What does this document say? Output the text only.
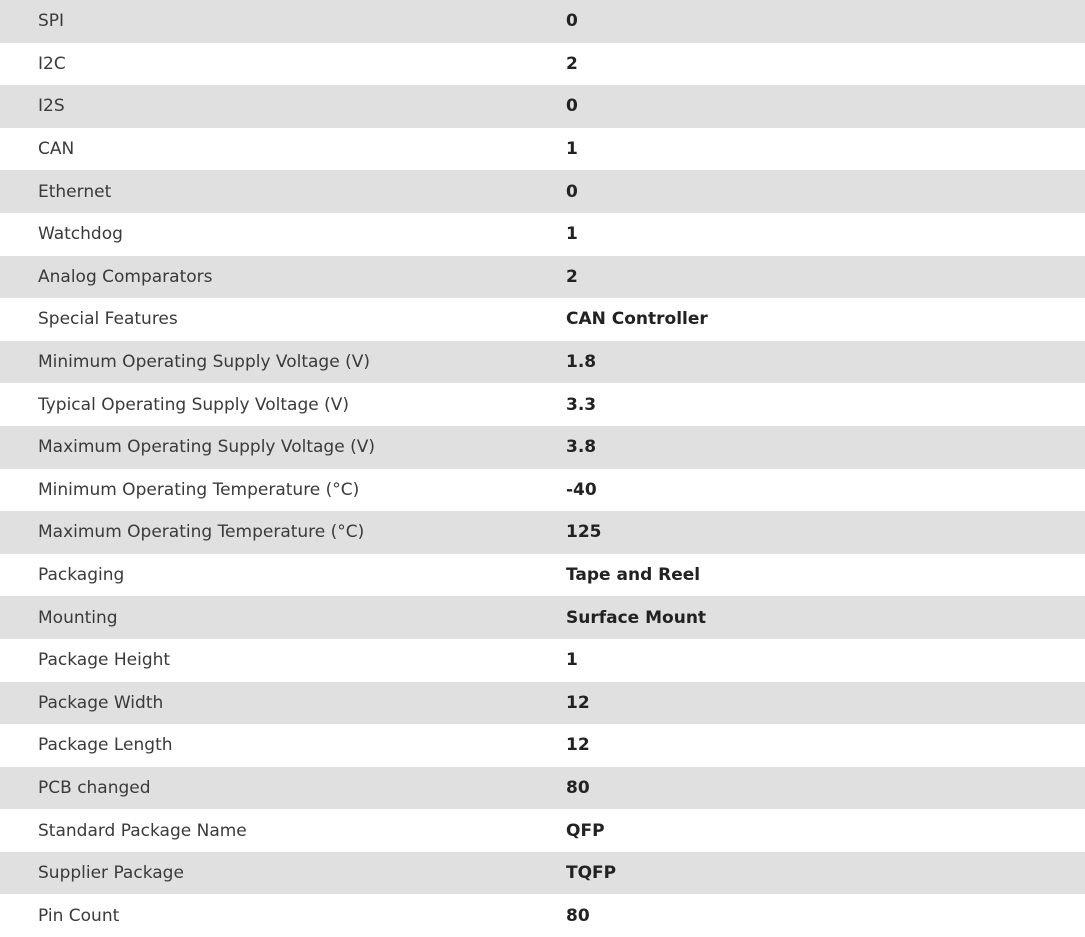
SPI	0
I2C	2
I2S	0
CAN	1
Ethernet	0
Watchdog	1
Analog Comparators	2
Special Features	CAN Controller
Minimum Operating Supply Voltage (V)	1.8
Typical Operating Supply Voltage (V)	3.3
Maximum Operating Supply Voltage (V)	3.8
Minimum Operating Temperature (°C)	-40
Maximum Operating Temperature (°C)	125
Packaging	Tape and Reel
Mounting	Surface Mount
Package Height	1
Package Width	12
Package Length	12
PCB changed	80
Standard Package Name	QFP
Supplier Package	TQFP
Pin Count	80
